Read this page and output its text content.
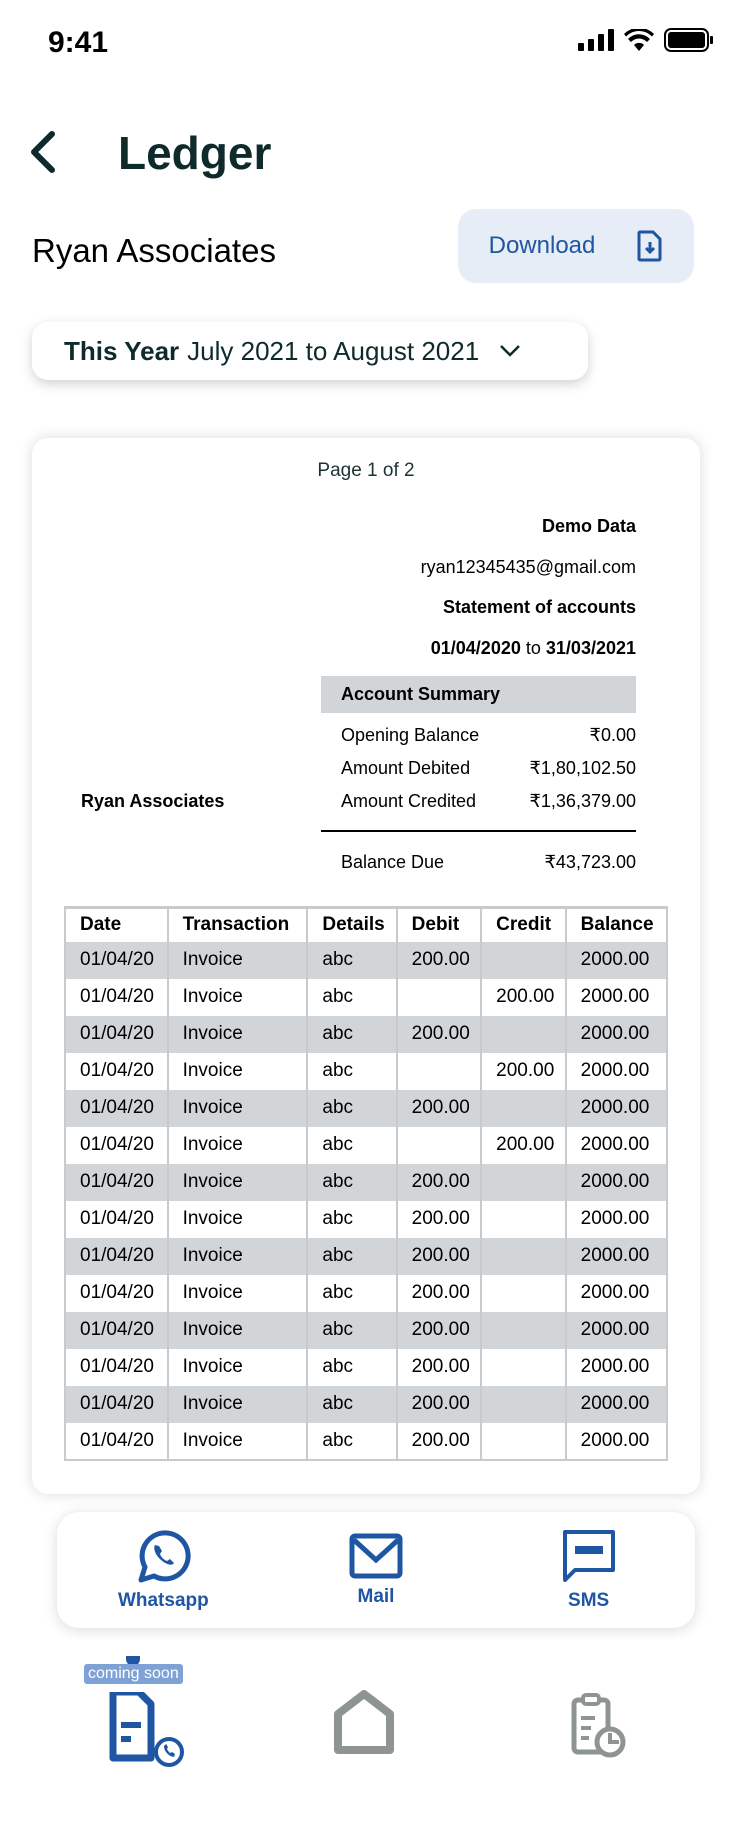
9:41
Ledger
Ryan Associates	Download
This Year July 2021 to August 2021
Page 1 of 2
Demo Data
ryan12345435@gmail.com
Statement of accounts
01/04/2020 to 31/03/2021
Account Summary
Opening Balance	₹0.00
Amount Debited	₹1,80,102.50
Amount Credited	₹1,36,379.00
Balance Due	₹43,723.00
Ryan Associates
Date	Transaction	Details	Debit	Credit	Balance
01/04/20	Invoice	abc	200.00		2000.00
01/04/20	Invoice	abc		200.00	2000.00
01/04/20	Invoice	abc	200.00		2000.00
01/04/20	Invoice	abc		200.00	2000.00
01/04/20	Invoice	abc	200.00		2000.00
01/04/20	Invoice	abc		200.00	2000.00
01/04/20	Invoice	abc	200.00		2000.00
01/04/20	Invoice	abc	200.00		2000.00
01/04/20	Invoice	abc	200.00		2000.00
01/04/20	Invoice	abc	200.00		2000.00
01/04/20	Invoice	abc	200.00		2000.00
01/04/20	Invoice	abc	200.00		2000.00
01/04/20	Invoice	abc	200.00		2000.00
01/04/20	Invoice	abc	200.00		2000.00
Whatsapp	Mail	SMS
coming soon
